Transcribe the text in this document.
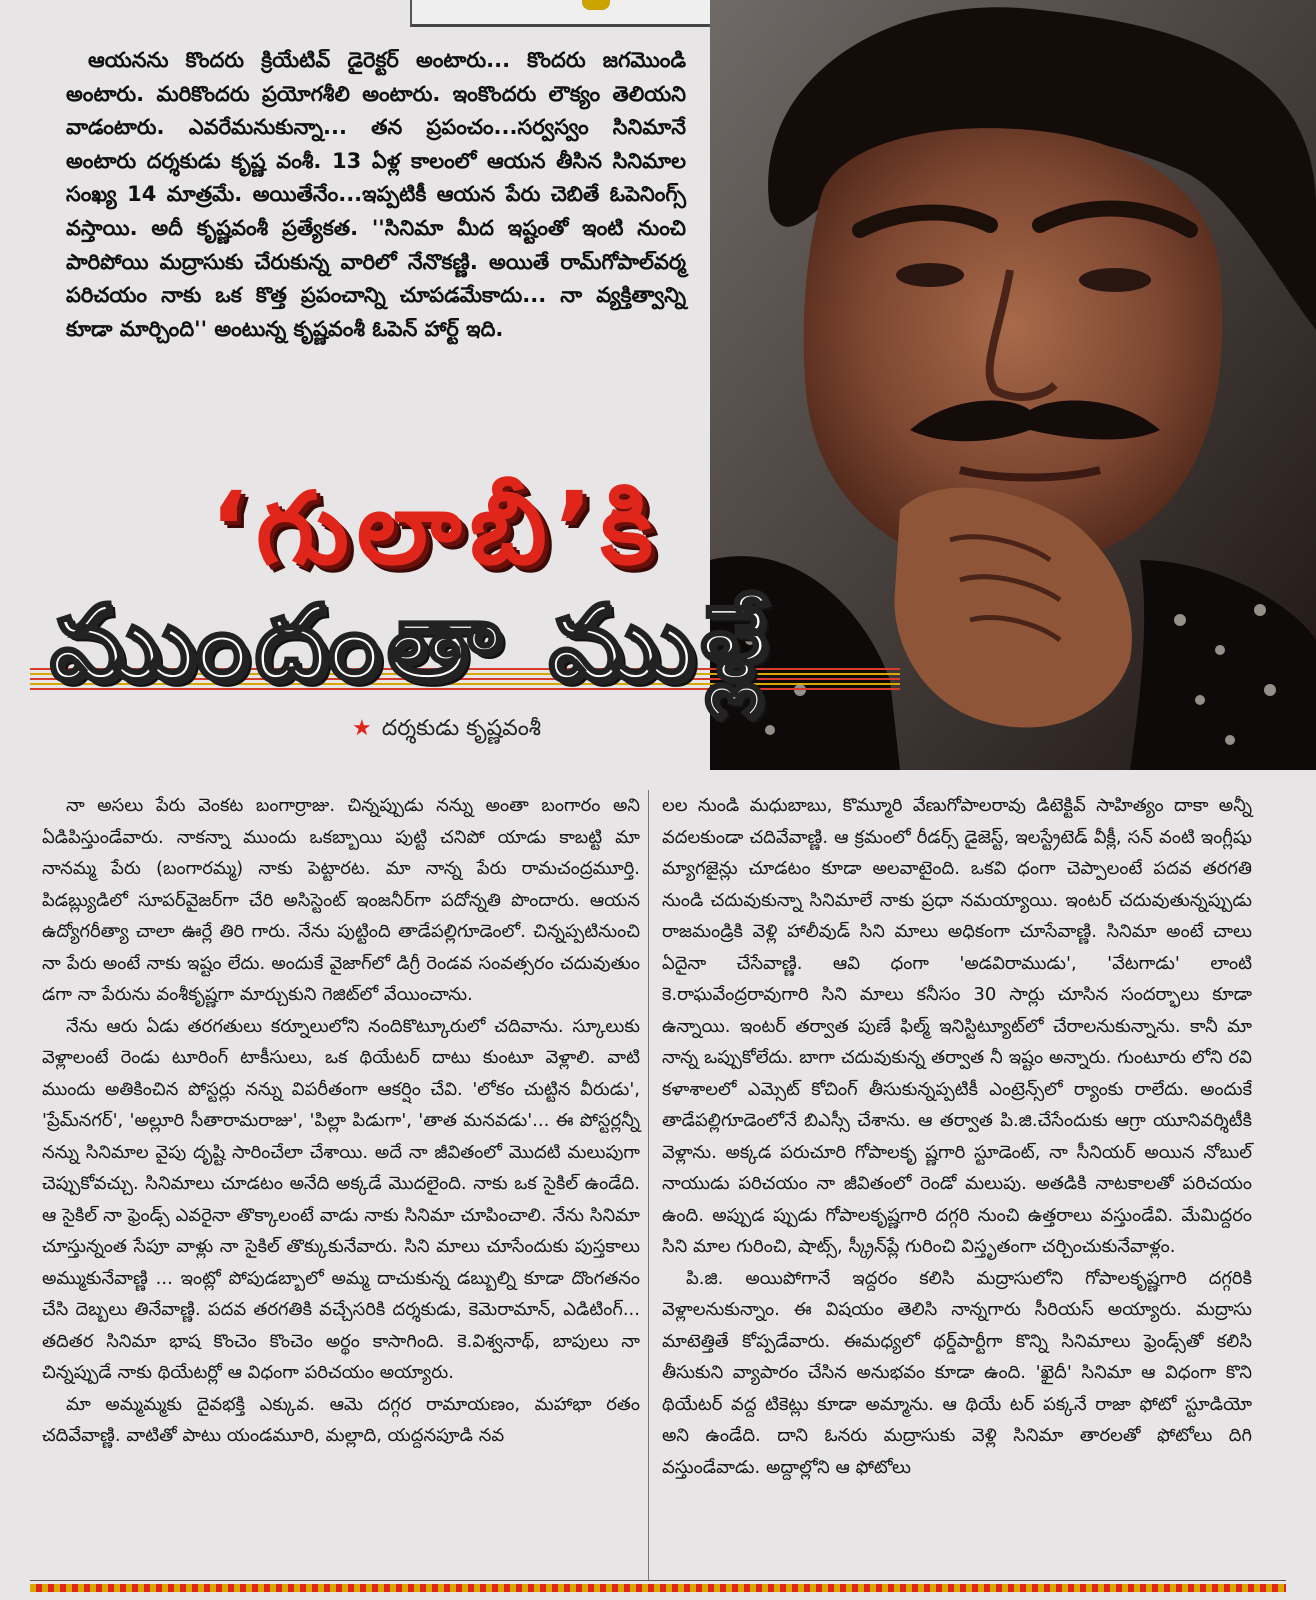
ఆయనను కొందరు క్రియేటివ్ డైరెక్టర్ అంటారు... కొందరు జగమొండి అంటారు. మరికొందరు ప్రయోగశీలి అంటారు. ఇంకొందరు లౌక్యం తెలియని వాడంటారు. ఎవరేమనుకున్నా... తన ప్రపంచం...సర్వస్వం సినిమానే అంటారు దర్శకుడు కృష్ణ వంశీ. 13 ఏళ్ల కాలంలో ఆయన తీసిన సినిమాల సంఖ్య 14 మాత్రమే. అయితేనేం...ఇప్పటికీ ఆయన పేరు చెబితే ఓపెనింగ్స్ వస్తాయి. అదీ కృష్ణవంశీ ప్రత్యేకత. ''సినిమా మీద ఇష్టంతో ఇంటి నుంచి పారిపోయి మద్రాసుకు చేరుకున్న వారిలో నేనొకణ్ణి. అయితే రామ్‌గోపాల్‌వర్మ పరిచయం నాకు ఒక కొత్త ప్రపంచాన్ని చూపడమేకాదు... నా వ్యక్తిత్వాన్ని కూడా మార్చింది'' అంటున్న కృష్ణవంశీ ఓపెన్ హార్ట్ ఇది.

‘గులాబీ’కి
ముందంతా ముళ్లే
★ దర్శకుడు కృష్ణవంశీ

నా అసలు పేరు వెంకట బంగార్రాజు. చిన్నప్పుడు నన్ను అంతా బంగారం అని ఏడిపిస్తుండేవారు. నాకన్నా ముందు ఒకబ్బాయి పుట్టి చనిపో యాడు కాబట్టి మా నానమ్మ పేరు (బంగారమ్మ) నాకు పెట్టారట. మా నాన్న పేరు రామచంద్రమూర్తి. పిడబ్ల్యుడిలో సూపర్‌వైజర్‌గా చేరి అసిస్టెంట్ ఇంజనీర్‌గా పదోన్నతి పొందారు. ఆయన ఉద్యోగరీత్యా చాలా ఊర్లే తిరి గారు. నేను పుట్టింది తాడేపల్లిగూడెంలో. చిన్నప్పటినుంచి నా పేరు అంటే నాకు ఇష్టం లేదు. అందుకే వైజాగ్‌లో డిగ్రీ రెండవ సంవత్సరం చదువుతుం డగా నా పేరును వంశీకృష్ణగా మార్చుకుని గెజిట్‌లో వేయించాను.

నేను ఆరు ఏడు తరగతులు కర్నూలులోని నందికొట్కూరులో చదివాను. స్కూలుకు వెళ్లాలంటే రెండు టూరింగ్ టాకీసులు, ఒక థియేటర్ దాటు కుంటూ వెళ్లాలి. వాటి ముందు అతికించిన పోస్టర్లు నన్ను విపరీతంగా ఆకర్షిం చేవి. 'లోకం చుట్టిన వీరుడు', 'ప్రేమ్‌నగర్', 'అల్లూరి సీతారామరాజు', 'పిల్లా పిడుగా', 'తాత మనవడు'... ఈ పోస్టర్లన్నీ నన్ను సినిమాల వైపు దృష్టి సారించేలా చేశాయి. అదే నా జీవితంలో మొదటి మలుపుగా చెప్పుకోవచ్చు. సినిమాలు చూడటం అనేది అక్కడే మొదలైంది. నాకు ఒక సైకిల్ ఉండేది. ఆ సైకిల్ నా ఫ్రెండ్స్ ఎవరైనా తొక్కాలంటే వాడు నాకు సినిమా చూపించాలి. నేను సినిమా చూస్తున్నంత సేపూ వాళ్లు నా సైకిల్ తొక్కుకునేవారు. సిని మాలు చూసేందుకు పుస్తకాలు అమ్ముకునేవాణ్ణి ... ఇంట్లో పోపుడబ్బాలో అమ్మ దాచుకున్న డబ్బుల్ని కూడా దొంగతనం చేసి దెబ్బలు తినేవాణ్ణి. పదవ తరగతికి వచ్చేసరికి దర్శకుడు, కెమెరామాన్, ఎడిటింగ్... తదితర సినిమా భాష కొంచెం కొంచెం అర్థం కాసాగింది. కె.విశ్వనాథ్, బాపులు నా చిన్నప్పుడే నాకు థియేటర్లో ఆ విధంగా పరిచయం అయ్యారు.

మా అమ్మమ్మకు దైవభక్తి ఎక్కువ. ఆమె దగ్గర రామాయణం, మహాభా రతం చదివేవాణ్ణి. వాటితో పాటు యండమూరి, మల్లాది, యద్దనపూడి నవ

లల నుండి మధుబాబు, కొమ్మూరి వేణుగోపాలరావు డిటెక్టివ్ సాహిత్యం దాకా అన్నీ వదలకుండా చదివేవాణ్ణి. ఆ క్రమంలో రీడర్స్ డైజెస్ట్, ఇలస్ట్రేటెడ్ వీక్లీ, సన్ వంటి ఇంగ్లీషు మ్యాగజైన్లు చూడటం కూడా అలవాటైంది. ఒకవి ధంగా చెప్పాలంటే పదవ తరగతి నుండి చదువుకున్నా సినిమాలే నాకు ప్రధా నమయ్యాయి. ఇంటర్ చదువుతున్నప్పుడు రాజమండ్రికి వెళ్లి హాలీవుడ్ సిని మాలు అధికంగా చూసేవాణ్ణి. సినిమా అంటే చాలు ఏదైనా చేసేవాణ్ణి. ఆవి ధంగా 'అడవిరాముడు', 'వేటగాడు' లాంటి కె.రాఘవేంద్రరావుగారి సిని మాలు కనీసం 30 సార్లు చూసిన సందర్భాలు కూడా ఉన్నాయి. ఇంటర్ తర్వాత పుణే ఫిల్మ్ ఇనిస్టిట్యూట్‌లో చేరాలనుకున్నాను. కానీ మా నాన్న ఒప్పుకోలేదు. బాగా చదువుకున్న తర్వాత నీ ఇష్టం అన్నారు. గుంటూరు లోని రవి కళాశాలలో ఎమ్సెట్ కోచింగ్ తీసుకున్నప్పటికీ ఎంట్రెన్స్‌లో ర్యాంకు రాలేదు. అందుకే తాడేపల్లిగూడెంలోనే బిఎస్సీ చేశాను. ఆ తర్వాత పి.జి.చేసేందుకు ఆగ్రా యూనివర్శిటీకి వెళ్లాను. అక్కడ పరుచూరి గోపాలకృ ష్ణగారి స్టూడెంట్, నా సీనియర్ అయిన నోబుల్ నాయుడు పరిచయం నా జీవితంలో రెండో మలుపు. అతడికి నాటకాలతో పరిచయం ఉంది. అప్పుడ ప్పుడు గోపాలకృష్ణగారి దగ్గరి నుంచి ఉత్తరాలు వస్తుండేవి. మేమిద్దరం సిని మాల గురించి, షాట్స్, స్క్రీన్‌ప్లే గురించి విస్తృతంగా చర్చించుకునేవాళ్లం.

పి.జి. అయిపోగానే ఇద్దరం కలిసి మద్రాసులోని గోపాలకృష్ణగారి దగ్గరికి వెళ్లాలనుకున్నాం. ఈ విషయం తెలిసి నాన్నగారు సీరియస్ అయ్యారు. మద్రాసు మాటెత్తితే కోప్పడేవారు. ఈమధ్యలో థర్డ్‌పార్టీగా కొన్ని సినిమాలు ఫ్రెండ్స్‌తో కలిసి తీసుకుని వ్యాపారం చేసిన అనుభవం కూడా ఉంది. 'ఖైదీ' సినిమా ఆ విధంగా కొని థియేటర్ వద్ద టికెట్లు కూడా అమ్మాను. ఆ థియే టర్ పక్కనే రాజా ఫోటో స్టూడియో అని ఉండేది. దాని ఓనరు మద్రాసుకు వెళ్లి సినిమా తారలతో ఫోటోలు దిగి వస్తుండేవాడు. అద్దాల్లోని ఆ ఫోటోలు
